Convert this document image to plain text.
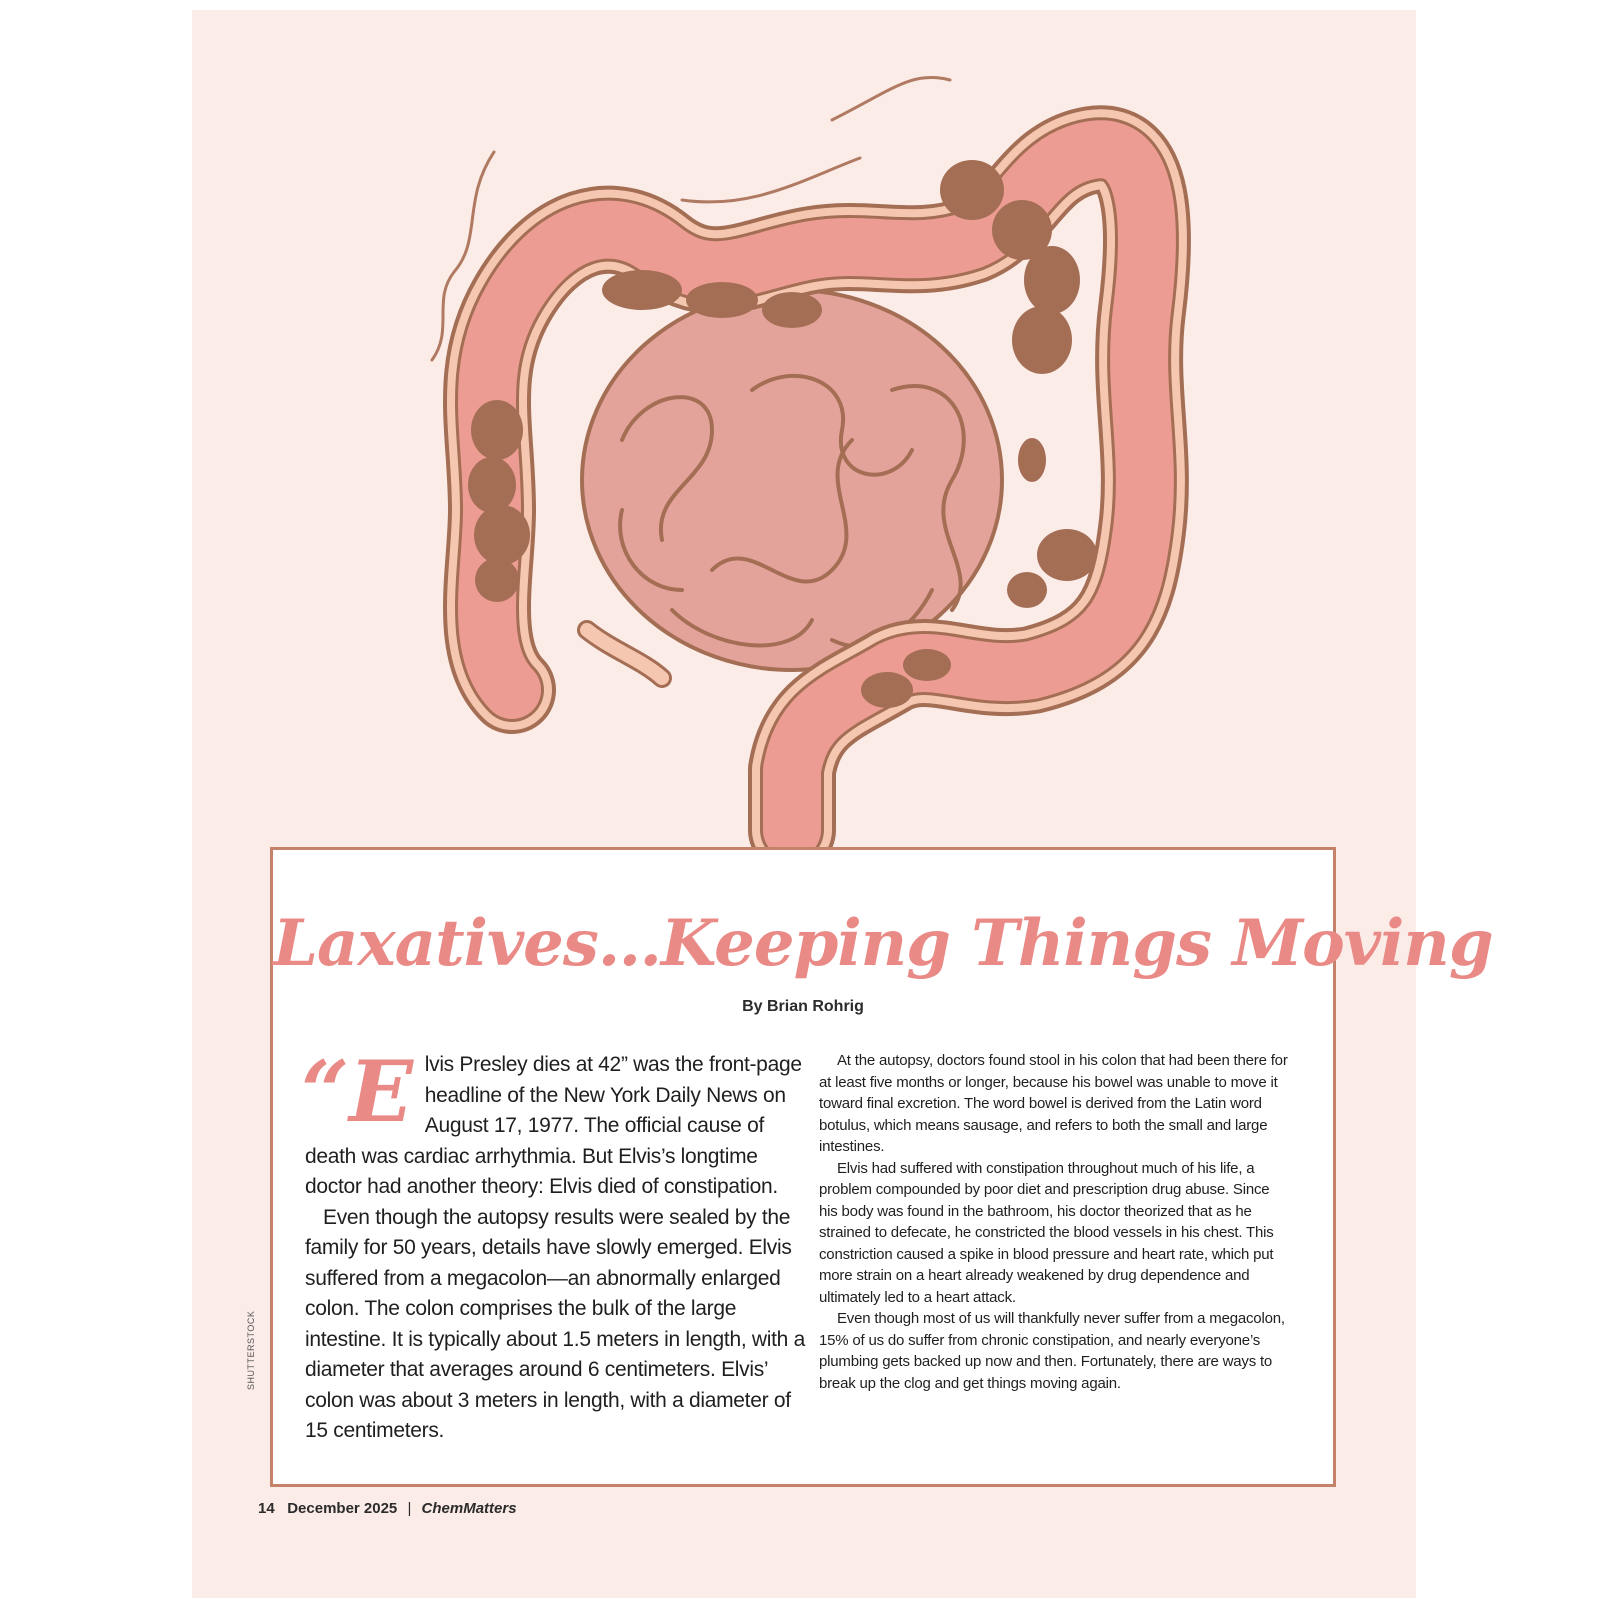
Laxatives…Keeping Things Moving
By Brian Rohrig

“Elvis Presley dies at 42” was the front-page headline of the New York Daily News on August 17, 1977. The official cause of death was cardiac arrhythmia. But Elvis’s longtime doctor had another theory: Elvis died of constipation.

Even though the autopsy results were sealed by the family for 50 years, details have slowly emerged. Elvis suffered from a megacolon—an abnormally enlarged colon. The colon comprises the bulk of the large intestine. It is typically about 1.5 meters in length, with a diameter that averages around 6 centimeters. Elvis’ colon was about 3 meters in length, with a diameter of 15 centimeters.

At the autopsy, doctors found stool in his colon that had been there for at least five months or longer, because his bowel was unable to move it toward final excretion. The word bowel is derived from the Latin word botulus, which means sausage, and refers to both the small and large intestines.

Elvis had suffered with constipation throughout much of his life, a problem compounded by poor diet and prescription drug abuse. Since his body was found in the bathroom, his doctor theorized that as he strained to defecate, he constricted the blood vessels in his chest. This constriction caused a spike in blood pressure and heart rate, which put more strain on a heart already weakened by drug dependence and ultimately led to a heart attack.

Even though most of us will thankfully never suffer from a megacolon, 15% of us do suffer from chronic constipation, and nearly everyone’s plumbing gets backed up now and then. Fortunately, there are ways to break up the clog and get things moving again.

SHUTTERSTOCK
14 December 2025 | ChemMatters
